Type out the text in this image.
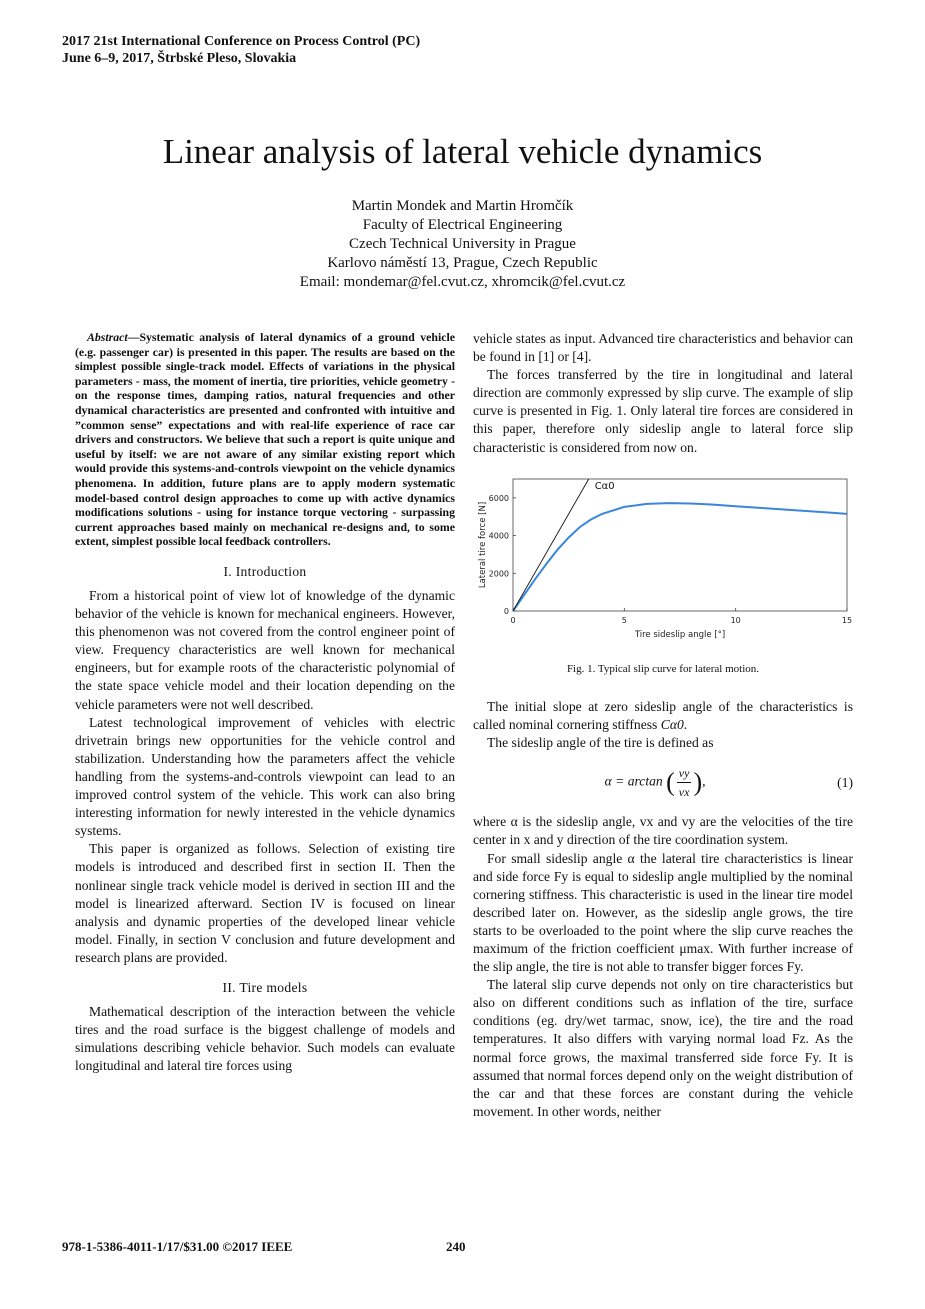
2017 21st International Conference on Process Control (PC)
June 6–9, 2017, Štrbské Pleso, Slovakia
Linear analysis of lateral vehicle dynamics
Martin Mondek and Martin Hromčík
Faculty of Electrical Engineering
Czech Technical University in Prague
Karlovo náměstí 13, Prague, Czech Republic
Email: mondemar@fel.cvut.cz, xhromcik@fel.cvut.cz
Abstract—Systematic analysis of lateral dynamics of a ground vehicle (e.g. passenger car) is presented in this paper. The results are based on the simplest possible single-track model. Effects of variations in the physical parameters - mass, the moment of inertia, tire priorities, vehicle geometry - on the response times, damping ratios, natural frequencies and other dynamical characteristics are presented and confronted with intuitive and ”common sense” expectations and with real-life experience of race car drivers and constructors. We believe that such a report is quite unique and useful by itself: we are not aware of any similar existing report which would provide this systems-and-controls viewpoint on the vehicle dynamics phenomena. In addition, future plans are to apply modern systematic model-based control design approaches to come up with active dynamics modifications solutions - using for instance torque vectoring - surpassing current approaches based mainly on mechanical re-designs and, to some extent, simplest possible local feedback controllers.
I. Introduction

From a historical point of view lot of knowledge of the dynamic behavior of the vehicle is known for mechanical engineers. However, this phenomenon was not covered from the control engineer point of view. Frequency characteristics are well known for mechanical engineers, but for example roots of the characteristic polynomial of the state space vehicle model and their location depending on the vehicle parameters were not well described.

Latest technological improvement of vehicles with electric drivetrain brings new opportunities for the vehicle control and stabilization. Understanding how the parameters affect the vehicle handling from the systems-and-controls viewpoint can lead to an improved control system of the vehicle. This work can also bring interesting information for newly interested in the vehicle dynamics systems.

This paper is organized as follows. Selection of existing tire models is introduced and described first in section II. Then the nonlinear single track vehicle model is derived in section III and the model is linearized afterward. Section IV is focused on linear analysis and dynamic properties of the developed linear vehicle model. Finally, in section V conclusion and future development and research plans are provided.

II. Tire models

Mathematical description of the interaction between the vehicle tires and the road surface is the biggest challenge of models and simulations describing vehicle behavior. Such models can evaluate longitudinal and lateral tire forces using

vehicle states as input. Advanced tire characteristics and behavior can be found in [1] or [4].

The forces transferred by the tire in longitudinal and lateral direction are commonly expressed by slip curve. The example of slip curve is presented in Fig. 1. Only lateral tire forces are considered in this paper, therefore only sideslip angle to lateral force slip characteristic is considered from now on.

0	5	10	15
0
2000
4000
6000
Tire sideslip angle [°]
Lateral tire force [N]
Cα0
Fig. 1. Typical slip curve for lateral motion.

The initial slope at zero sideslip angle of the characteristics is called nominal cornering stiffness Cα0.

The sideslip angle of the tire is defined as

α = arctan ( $\frac{vy}{vx}$ ),	(1)

where α is the sideslip angle, vx and vy are the velocities of the tire center in x and y direction of the tire coordination system.

For small sideslip angle α the lateral tire characteristics is linear and side force Fy is equal to sideslip angle multiplied by the nominal cornering stiffness. This characteristic is used in the linear tire model described later on. However, as the sideslip angle grows, the tire starts to be overloaded to the point where the slip curve reaches the maximum of the friction coefficient μmax. With further increase of the slip angle, the tire is not able to transfer bigger forces Fy.

The lateral slip curve depends not only on tire characteristics but also on different conditions such as inflation of the tire, surface conditions (eg. dry/wet tarmac, snow, ice), the tire and the road temperatures. It also differs with varying normal load Fz. As the normal force grows, the maximal transferred side force Fy. It is assumed that normal forces depend only on the weight distribution of the car and that these forces are constant during the vehicle movement. In other words, neither

978-1-5386-4011-1/17/$31.00 ©2017 IEEE	240
